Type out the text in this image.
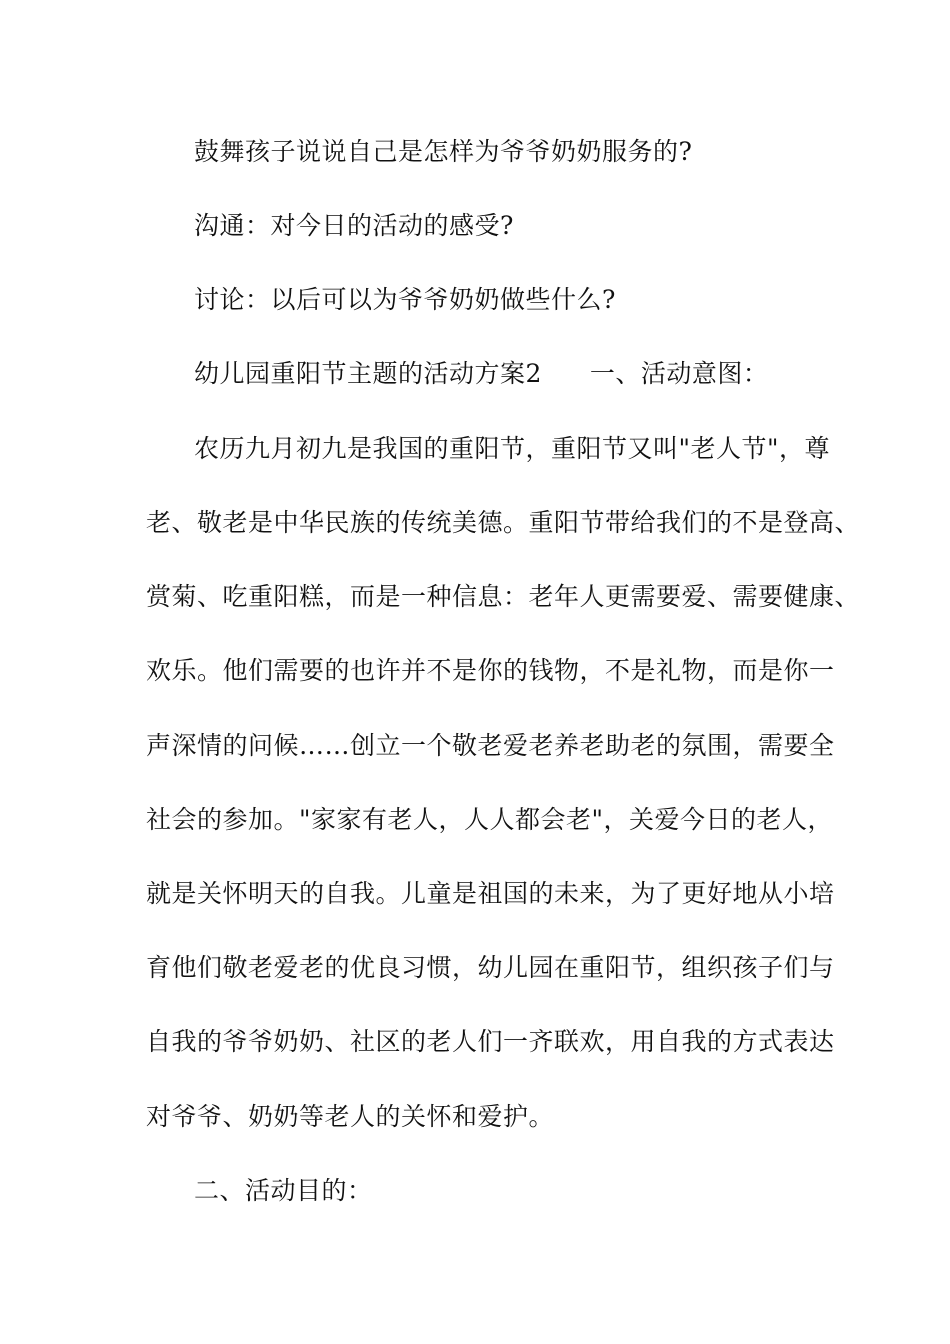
鼓舞孩子说说自己是怎样为爷爷奶奶服务的?
沟通：对今日的活动的感受?
讨论：以后可以为爷爷奶奶做些什么?
幼儿园重阳节主题的活动方案2 一、活动意图：
农历九月初九是我国的重阳节，重阳节又叫"老人节"，尊
老、敬老是中华民族的传统美德。重阳节带给我们的不是登高、
赏菊、吃重阳糕，而是一种信息：老年人更需要爱、需要健康、
欢乐。他们需要的也许并不是你的钱物，不是礼物，而是你一
声深情的问候……创立一个敬老爱老养老助老的氛围，需要全
社会的参加。"家家有老人，人人都会老"，关爱今日的老人，
就是关怀明天的自我。儿童是祖国的未来，为了更好地从小培
育他们敬老爱老的优良习惯，幼儿园在重阳节，组织孩子们与
自我的爷爷奶奶、社区的老人们一齐联欢，用自我的方式表达
对爷爷、奶奶等老人的关怀和爱护。
二、活动目的：
